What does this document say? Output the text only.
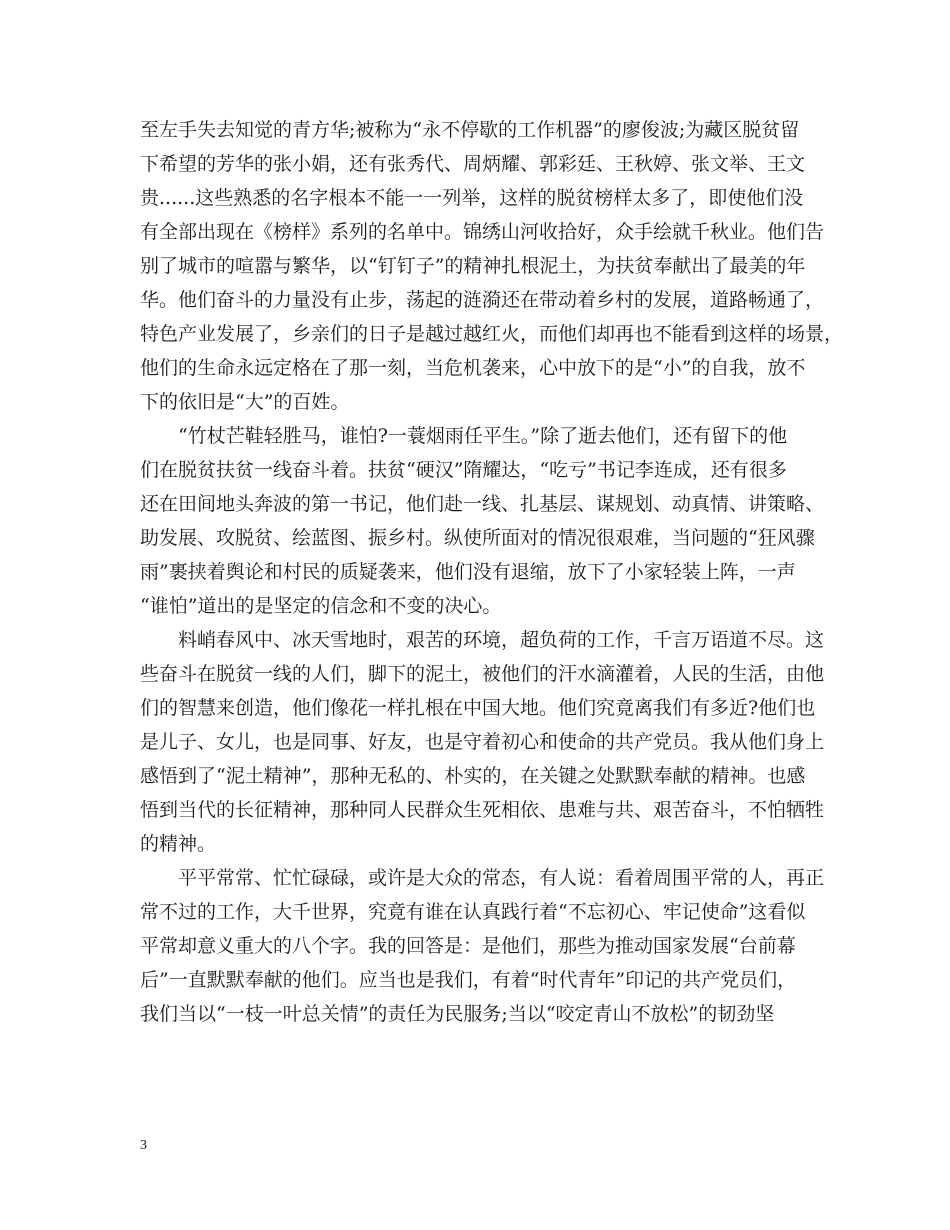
至左手失去知觉的青方华;被称为“永不停歇的工作机器”的廖俊波;为藏区脱贫留
下希望的芳华的张小娟，还有张秀代、周炳耀、郭彩廷、王秋婷、张文举、王文
贵......这些熟悉的名字根本不能一一列举，这样的脱贫榜样太多了，即使他们没
有全部出现在《榜样》系列的名单中。锦绣山河收拾好，众手绘就千秋业。他们告
别了城市的喧嚣与繁华，以“钉钉子”的精神扎根泥土，为扶贫奉献出了最美的年
华。他们奋斗的力量没有止步，荡起的涟漪还在带动着乡村的发展，道路畅通了，
特色产业发展了，乡亲们的日子是越过越红火，而他们却再也不能看到这样的场景，
他们的生命永远定格在了那一刻，当危机袭来，心中放下的是“小”的自我，放不
下的依旧是“大”的百姓。
“竹杖芒鞋轻胜马，谁怕?一蓑烟雨任平生。”除了逝去他们，还有留下的他
们在脱贫扶贫一线奋斗着。扶贫“硬汉”隋耀达，“吃亏”书记李连成，还有很多
还在田间地头奔波的第一书记，他们赴一线、扎基层、谋规划、动真情、讲策略、
助发展、攻脱贫、绘蓝图、振乡村。纵使所面对的情况很艰难，当问题的“狂风骤
雨”裹挟着舆论和村民的质疑袭来，他们没有退缩，放下了小家轻装上阵，一声
“谁怕”道出的是坚定的信念和不变的决心。
料峭春风中、冰天雪地时，艰苦的环境，超负荷的工作，千言万语道不尽。这
些奋斗在脱贫一线的人们，脚下的泥土，被他们的汗水滴灌着，人民的生活，由他
们的智慧来创造，他们像花一样扎根在中国大地。他们究竟离我们有多近?他们也
是儿子、女儿，也是同事、好友，也是守着初心和使命的共产党员。我从他们身上
感悟到了“泥土精神”，那种无私的、朴实的，在关键之处默默奉献的精神。也感
悟到当代的长征精神，那种同人民群众生死相依、患难与共、艰苦奋斗，不怕牺牲
的精神。
平平常常、忙忙碌碌，或许是大众的常态，有人说：看着周围平常的人，再正
常不过的工作，大千世界，究竟有谁在认真践行着“不忘初心、牢记使命”这看似
平常却意义重大的八个字。我的回答是：是他们，那些为推动国家发展“台前幕
后”一直默默奉献的他们。应当也是我们，有着“时代青年”印记的共产党员们，
我们当以“一枝一叶总关情”的责任为民服务;当以“咬定青山不放松”的韧劲坚
3
